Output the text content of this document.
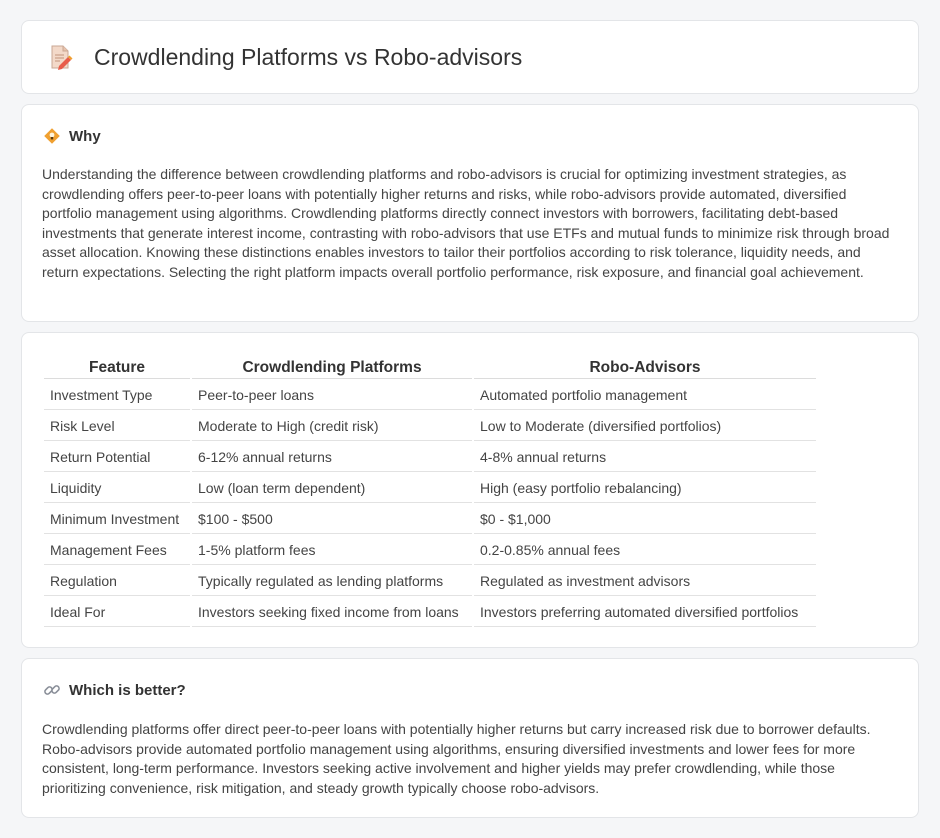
Crowdlending Platforms vs Robo-advisors
Why

Understanding the difference between crowdlending platforms and robo-advisors is crucial for optimizing investment strategies, as crowdlending offers peer-to-peer loans with potentially higher returns and risks, while robo-advisors provide automated, diversified portfolio management using algorithms. Crowdlending platforms directly connect investors with borrowers, facilitating debt-based investments that generate interest income, contrasting with robo-advisors that use ETFs and mutual funds to minimize risk through broad asset allocation. Knowing these distinctions enables investors to tailor their portfolios according to risk tolerance, liquidity needs, and return expectations. Selecting the right platform impacts overall portfolio performance, risk exposure, and financial goal achievement.

Feature	Crowdlending Platforms	Robo-Advisors
Investment Type	Peer-to-peer loans	Automated portfolio management
Risk Level	Moderate to High (credit risk)	Low to Moderate (diversified portfolios)
Return Potential	6-12% annual returns	4-8% annual returns
Liquidity	Low (loan term dependent)	High (easy portfolio rebalancing)
Minimum Investment	$100 - $500	$0 - $1,000
Management Fees	1-5% platform fees	0.2-0.85% annual fees
Regulation	Typically regulated as lending platforms	Regulated as investment advisors
Ideal For	Investors seeking fixed income from loans	Investors preferring automated diversified portfolios
Which is better?

Crowdlending platforms offer direct peer-to-peer loans with potentially higher returns but carry increased risk due to borrower defaults. Robo-advisors provide automated portfolio management using algorithms, ensuring diversified investments and lower fees for more consistent, long-term performance. Investors seeking active involvement and higher yields may prefer crowdlending, while those prioritizing convenience, risk mitigation, and steady growth typically choose robo-advisors.
